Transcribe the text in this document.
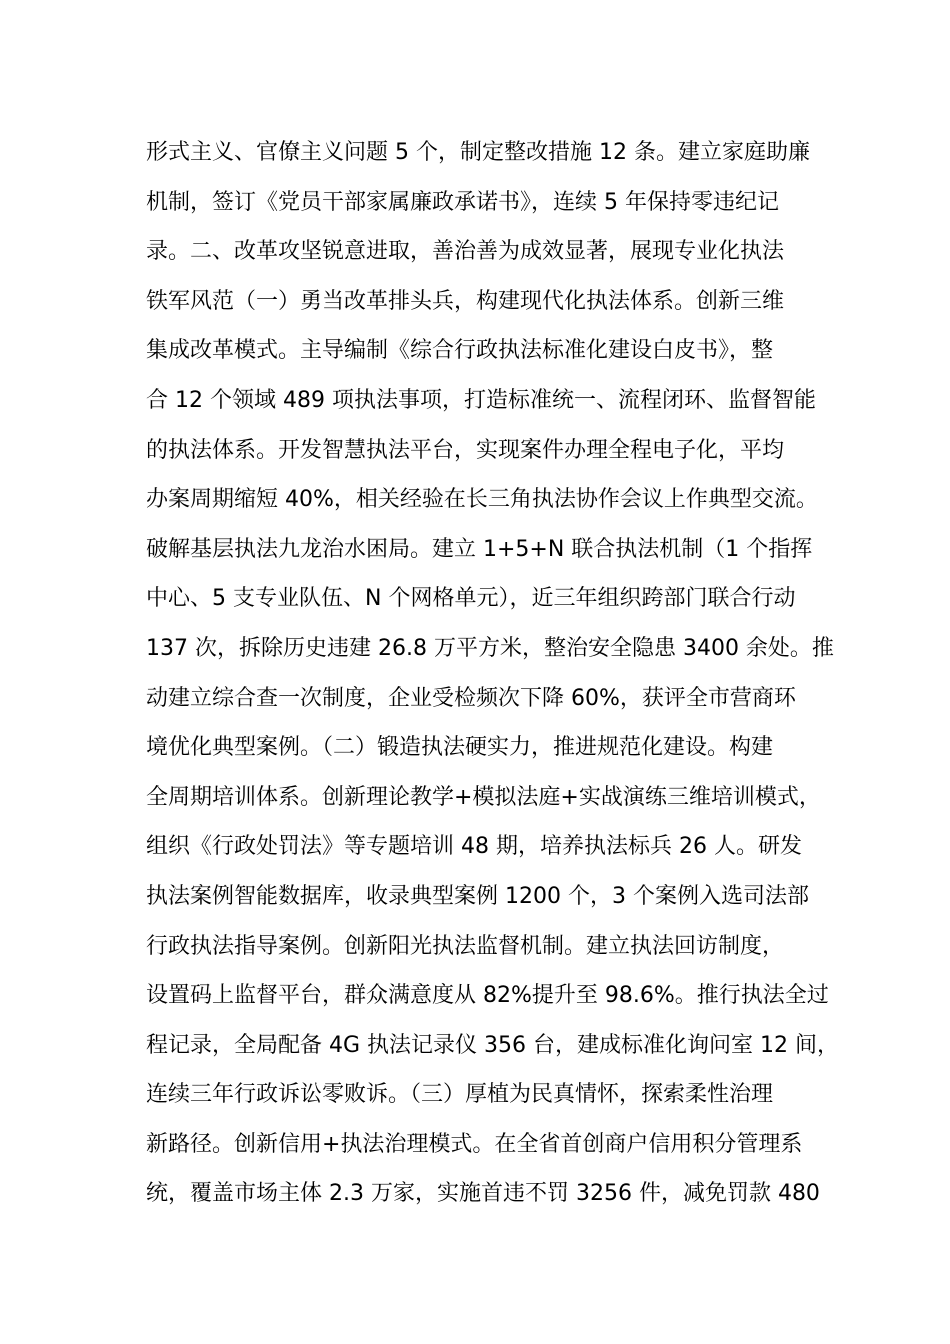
形式主义、官僚主义问题 5 个，制定整改措施 12 条。建立家庭助廉
机制，签订《党员干部家属廉政承诺书》，连续 5 年保持零违纪记
录。二、改革攻坚锐意进取，善治善为成效显著，展现专业化执法
铁军风范（一）勇当改革排头兵，构建现代化执法体系。创新三维
集成改革模式。主导编制《综合行政执法标准化建设白皮书》，整
合 12 个领域 489 项执法事项，打造标准统一、流程闭环、监督智能
的执法体系。开发智慧执法平台，实现案件办理全程电子化，平均
办案周期缩短 40%，相关经验在长三角执法协作会议上作典型交流。
破解基层执法九龙治水困局。建立 1+5+N 联合执法机制（1 个指挥
中心、5 支专业队伍、N 个网格单元），近三年组织跨部门联合行动
137 次，拆除历史违建 26.8 万平方米，整治安全隐患 3400 余处。推
动建立综合查一次制度，企业受检频次下降 60%，获评全市营商环
境优化典型案例。（二）锻造执法硬实力，推进规范化建设。构建
全周期培训体系。创新理论教学+模拟法庭+实战演练三维培训模式，
组织《行政处罚法》等专题培训 48 期，培养执法标兵 26 人。研发
执法案例智能数据库，收录典型案例 1200 个，3 个案例入选司法部
行政执法指导案例。创新阳光执法监督机制。建立执法回访制度，
设置码上监督平台，群众满意度从 82%提升至 98.6%。推行执法全过
程记录，全局配备 4G 执法记录仪 356 台，建成标准化询问室 12 间，
连续三年行政诉讼零败诉。（三）厚植为民真情怀，探索柔性治理
新路径。创新信用+执法治理模式。在全省首创商户信用积分管理系
统，覆盖市场主体 2.3 万家，实施首违不罚 3256 件，减免罚款 480
